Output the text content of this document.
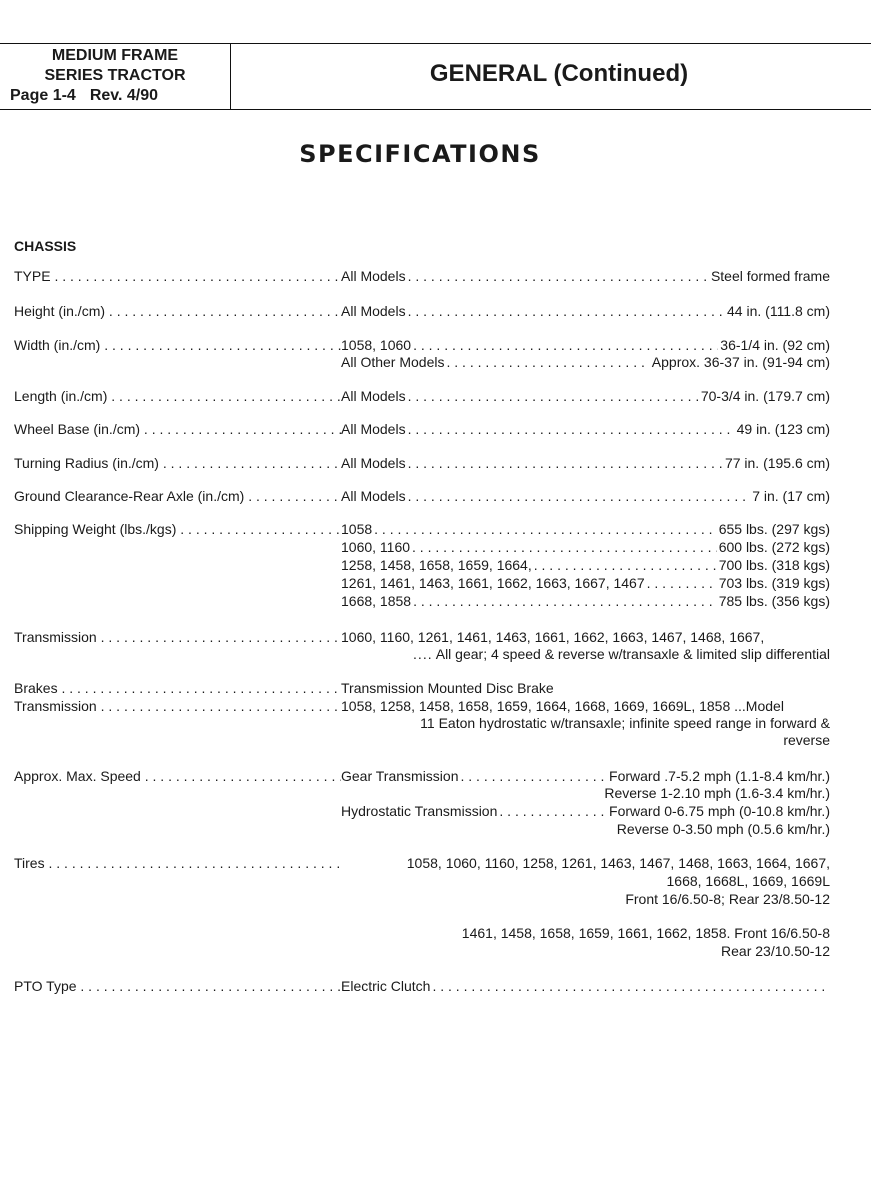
MEDIUM FRAME
SERIES TRACTOR
Page 1-4 Rev. 4/90
GENERAL (Continued)
SPECIFICATIONS
CHASSIS
TYPE . . .	All Models . . .	Steel formed frame
Height (in./cm) . . .	All Models . . .	44 in. (111.8 cm)
Width (in./cm) . . .	1058, 1060 . . .	36-1/4 in. (92 cm)
All Other Models . . .	Approx. 36-37 in. (91-94 cm)
Length (in./cm) . . .	All Models . . .	70-3/4 in. (179.7 cm)
Wheel Base (in./cm) . . .	All Models . . .	49 in. (123 cm)
Turning Radius (in./cm) . . .	All Models . . .	77 in. (195.6 cm)
Ground Clearance-Rear Axle (in./cm) . . .	All Models . . .	7 in. (17 cm)
Shipping Weight (lbs./kgs) . . .	1058 . . .	655 lbs. (297 kgs)
1060, 1160 . . .	600 lbs. (272 kgs)
1258, 1458, 1658, 1659, 1664, . . .	700 lbs. (318 kgs)
1261, 1461, 1463, 1661, 1662, 1663, 1667, 1467 . . .	703 lbs. (319 kgs)
1668, 1858 . . .	785 lbs. (356 kgs)
Transmission . . .	1060, 1160, 1261, 1461, 1463, 1661, 1662, 1663, 1467, 1468, 1667,
.... All gear; 4 speed & reverse w/transaxle & limited slip differential
Brakes . . .	Transmission Mounted Disc Brake
Transmission . . .	1058, 1258, 1458, 1658, 1659, 1664, 1668, 1669, 1669L, 1858 ...Model
11 Eaton hydrostatic w/transaxle; infinite speed range in forward &
reverse
Approx. Max. Speed . . .	Gear Transmission . . .	Forward .7-5.2 mph (1.1-8.4 km/hr.)
Reverse 1-2.10 mph (1.6-3.4 km/hr.)
Hydrostatic Transmission . . .	Forward 0-6.75 mph (0-10.8 km/hr.)
Reverse 0-3.50 mph (0.5.6 km/hr.)
Tires . . .	1058, 1060, 1160, 1258, 1261, 1463, 1467, 1468, 1663, 1664, 1667,
1668, 1668L, 1669, 1669L
Front 16/6.50-8; Rear 23/8.50-12
1461, 1458, 1658, 1659, 1661, 1662, 1858. Front 16/6.50-8
Rear 23/10.50-12
PTO Type . . .	Electric Clutch
. . .
